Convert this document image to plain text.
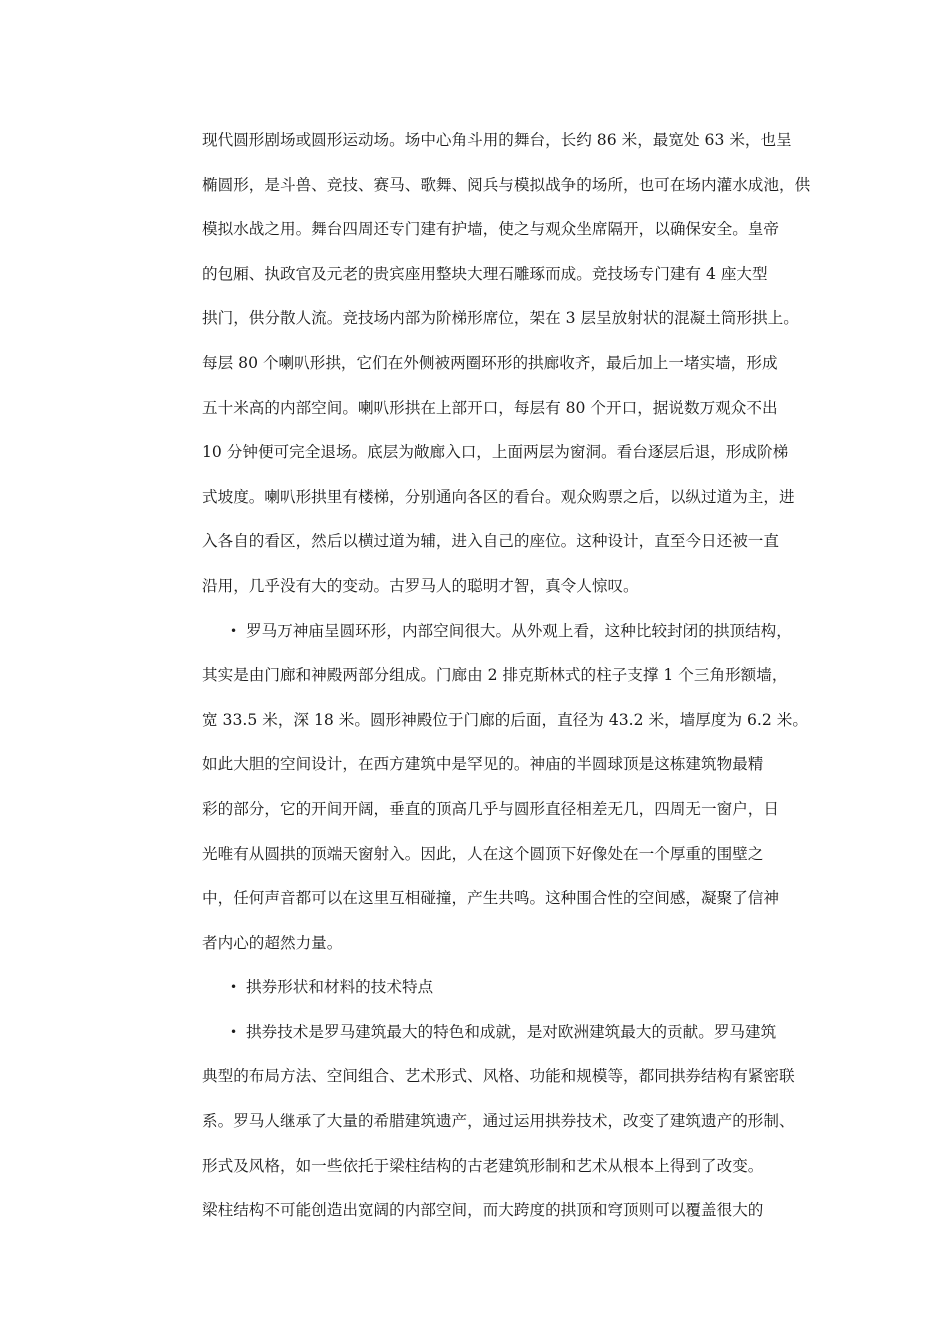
现代圆形剧场或圆形运动场。场中心角斗用的舞台，长约 86 米，最宽处 63 米，也呈
椭圆形，是斗兽、竞技、赛马、歌舞、阅兵与模拟战争的场所，也可在场内灌水成池，供
模拟水战之用。舞台四周还专门建有护墙，使之与观众坐席隔开，以确保安全。皇帝
的包厢、执政官及元老的贵宾座用整块大理石雕琢而成。竞技场专门建有 4 座大型
拱门，供分散人流。竞技场内部为阶梯形席位，架在 3 层呈放射状的混凝土筒形拱上。
每层 80 个喇叭形拱，它们在外侧被两圈环形的拱廊收齐，最后加上一堵实墙，形成
五十米高的内部空间。喇叭形拱在上部开口，每层有 80 个开口，据说数万观众不出
10 分钟便可完全退场。底层为敞廊入口，上面两层为窗洞。看台逐层后退，形成阶梯
式坡度。喇叭形拱里有楼梯，分别通向各区的看台。观众购票之后，以纵过道为主，进
入各自的看区，然后以横过道为辅，进入自己的座位。这种设计，直至今日还被一直
沿用，几乎没有大的变动。古罗马人的聪明才智，真令人惊叹。
• 罗马万神庙呈圆环形，内部空间很大。从外观上看，这种比较封闭的拱顶结构，
其实是由门廊和神殿两部分组成。门廊由 2 排克斯林式的柱子支撑 1 个三角形额墙，
宽 33.5 米，深 18 米。圆形神殿位于门廊的后面，直径为 43.2 米，墙厚度为 6.2 米。
如此大胆的空间设计，在西方建筑中是罕见的。神庙的半圆球顶是这栋建筑物最精
彩的部分，它的开间开阔，垂直的顶高几乎与圆形直径相差无几，四周无一窗户，日
光唯有从圆拱的顶端天窗射入。因此，人在这个圆顶下好像处在一个厚重的围壁之
中，任何声音都可以在这里互相碰撞，产生共鸣。这种围合性的空间感，凝聚了信神
者内心的超然力量。
• 拱券形状和材料的技术特点
• 拱券技术是罗马建筑最大的特色和成就，是对欧洲建筑最大的贡献。罗马建筑
典型的布局方法、空间组合、艺术形式、风格、功能和规模等，都同拱券结构有紧密联
系。罗马人继承了大量的希腊建筑遗产，通过运用拱券技术，改变了建筑遗产的形制、
形式及风格，如一些依托于梁柱结构的古老建筑形制和艺术从根本上得到了改变。
梁柱结构不可能创造出宽阔的内部空间，而大跨度的拱顶和穹顶则可以覆盖很大的
